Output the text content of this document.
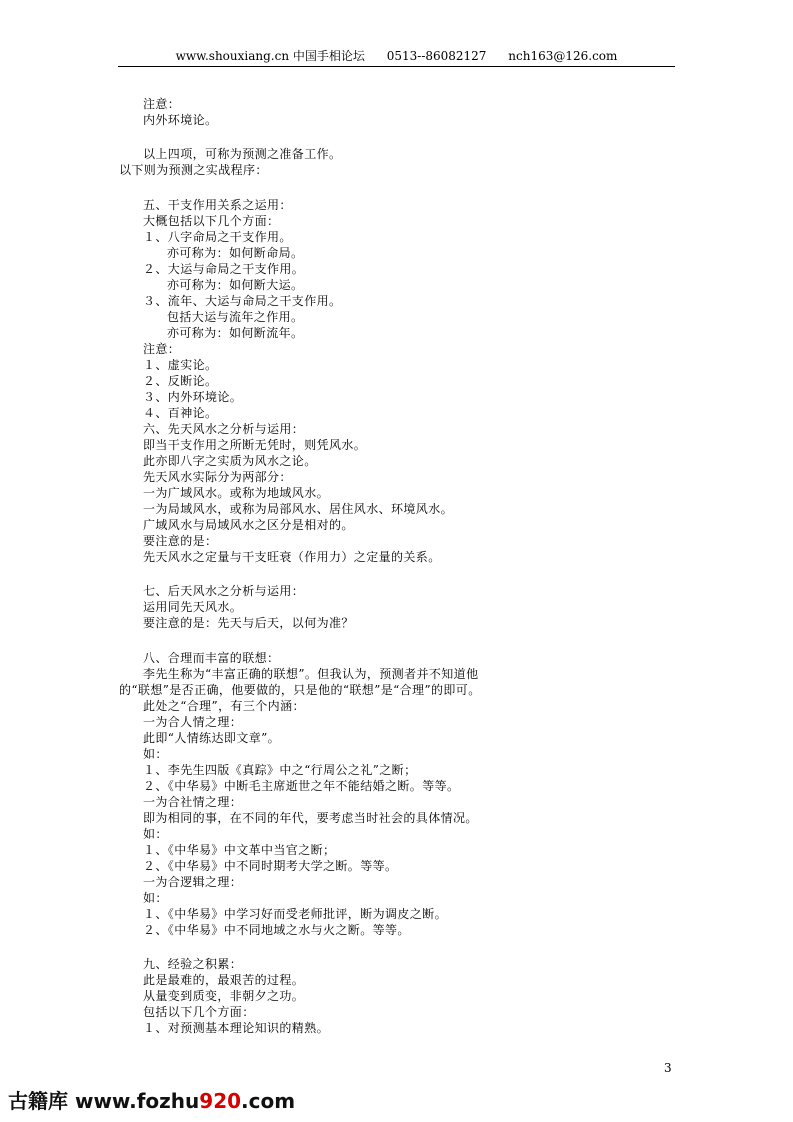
www.shouxiang.cn 中国手相论坛 0513--86082127 nch163@126.com
注意：
内外环境论。
以上四项，可称为预测之准备工作。
以下则为预测之实战程序：
五、干支作用关系之运用：
大概包括以下几个方面：
１、八字命局之干支作用。
亦可称为：如何断命局。
２、大运与命局之干支作用。
亦可称为：如何断大运。
３、流年、大运与命局之干支作用。
包括大运与流年之作用。
亦可称为：如何断流年。
注意：
１、虚实论。
２、反断论。
３、内外环境论。
４、百神论。
六、先天风水之分析与运用：
即当干支作用之所断无凭时，则凭风水。
此亦即八字之实质为风水之论。
先天风水实际分为两部分：
一为广域风水。或称为地域风水。
一为局域风水，或称为局部风水、居住风水、环境风水。
广域风水与局域风水之区分是相对的。
要注意的是：
先天风水之定量与干支旺衰（作用力）之定量的关系。
七、后天风水之分析与运用：
运用同先天风水。
要注意的是：先天与后天，以何为准？
八、合理而丰富的联想：
李先生称为“丰富正确的联想”。但我认为，预测者并不知道他
的“联想”是否正确，他要做的，只是他的“联想”是“合理”的即可。
此处之“合理”，有三个内涵：
一为合人情之理：
此即“人情练达即文章”。
如：
１、李先生四版《真踪》中之“行周公之礼”之断；
２、《中华易》中断毛主席逝世之年不能结婚之断。等等。
一为合社情之理：
即为相同的事，在不同的年代，要考虑当时社会的具体情况。
如：
１、《中华易》中文革中当官之断；
２、《中华易》中不同时期考大学之断。等等。
一为合逻辑之理：
如：
１、《中华易》中学习好而受老师批评，断为调皮之断。
２、《中华易》中不同地域之水与火之断。等等。
九、经验之积累：
此是最难的，最艰苦的过程。
从量变到质变，非朝夕之功。
包括以下几个方面：
１、对预测基本理论知识的精熟。
3
古籍库 www.fozhu920.com
